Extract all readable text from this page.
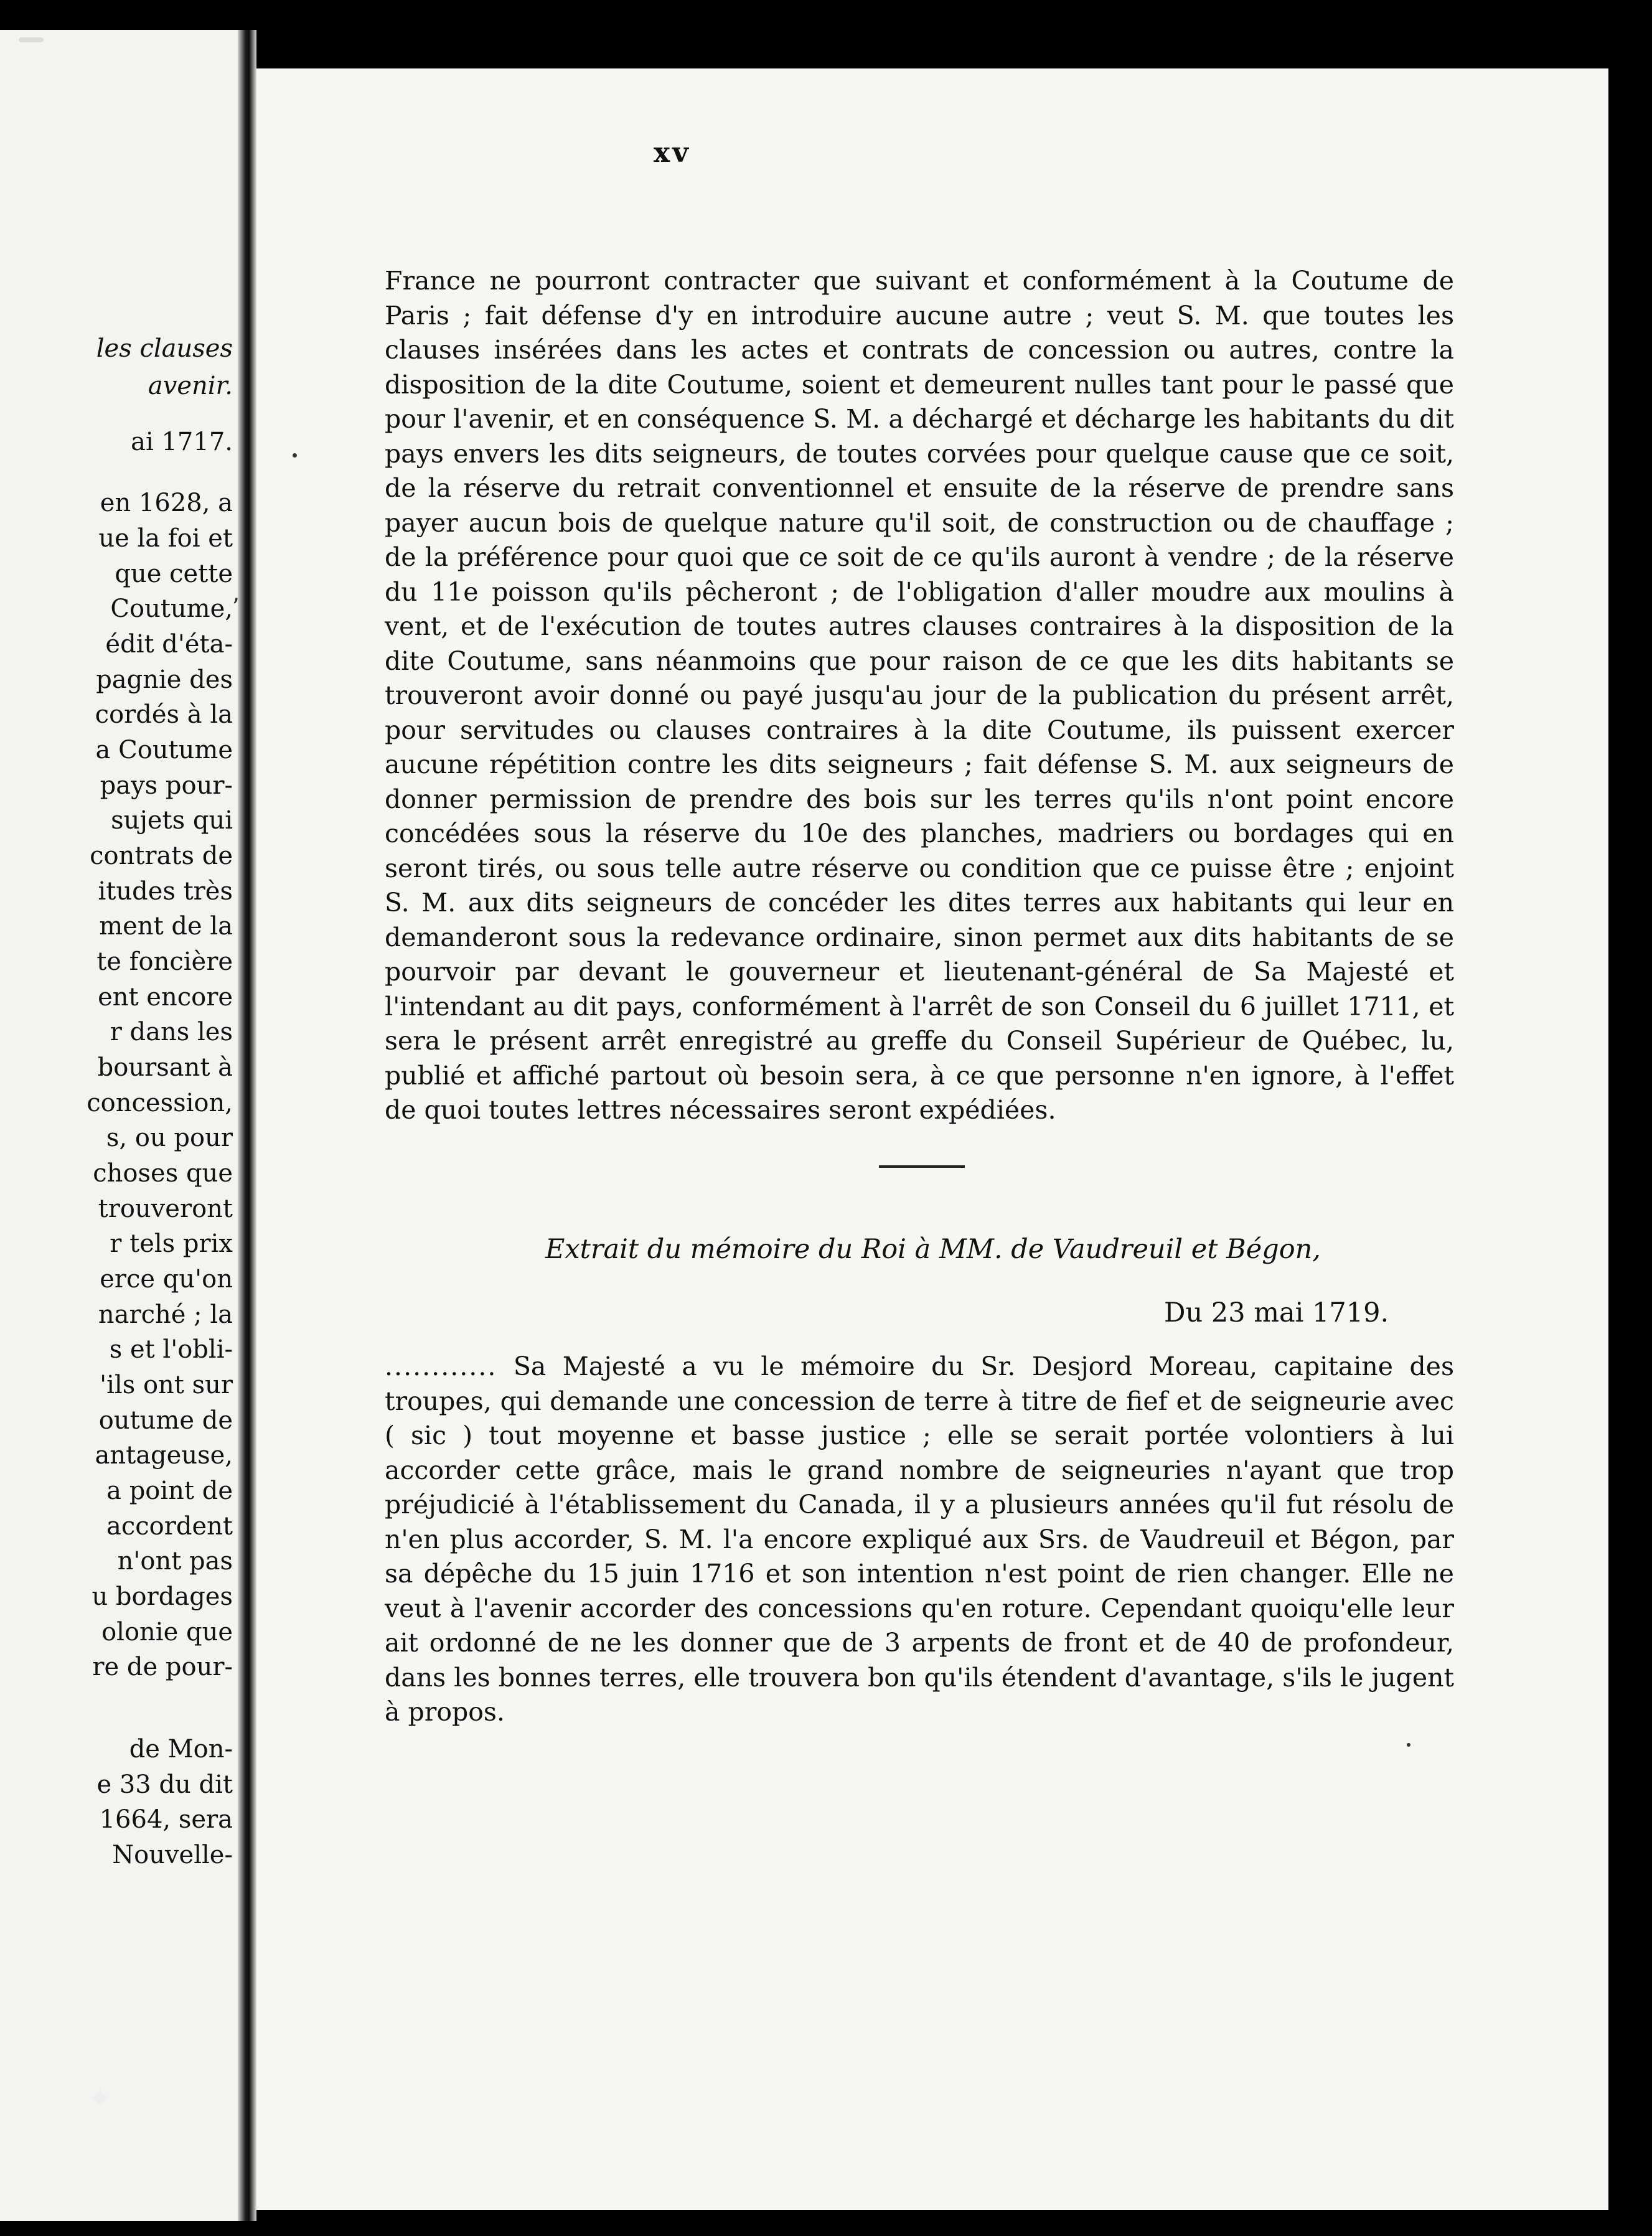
les clauses
avenir.
ai 1717.
en 1628, a
ue la foi et
que cette
Coutume,
édit d'éta-
pagnie des
cordés à la
a Coutume
pays pour-
sujets qui
contrats de
itudes très
ment de la
te foncière
ent encore
r dans les
boursant à
concession,
s, ou pour
choses que
trouveront
r tels prix
erce qu'on
narché ; la
s et l'obli-
'ils ont sur
outume de
antageuse,
a point de
accordent
n'ont pas
u bordages
olonie que
re de pour-
de Mon-
e 33 du dit
1664, sera
Nouvelle-
xv

France ne pourront contracter que suivant et conformément à la Coutume de Paris ; fait défense d'y en introduire aucune autre ; veut S. M. que toutes les clauses insérées dans les actes et contrats de concession ou autres, contre la disposition de la dite Coutume, soient et demeurent nulles tant pour le passé que pour l'avenir, et en conséquence S. M. a déchargé et décharge les habitants du dit pays envers les dits seigneurs, de toutes corvées pour quelque cause que ce soit, de la réserve du retrait conventionnel et ensuite de la réserve de prendre sans payer aucun bois de quelque nature qu'il soit, de construction ou de chauffage ; de la préférence pour quoi que ce soit de ce qu'ils auront à vendre ; de la réserve du 11e poisson qu'ils pêcheront ; de l'obligation d'aller moudre aux moulins à vent, et de l'exécution de toutes autres clauses contraires à la disposition de la dite Coutume, sans néanmoins que pour raison de ce que les dits habitants se trouveront avoir donné ou payé jusqu'au jour de la publication du présent arrêt, pour servitudes ou clauses contraires à la dite Coutume, ils puissent exercer aucune répétition contre les dits seigneurs ; fait défense S. M. aux seigneurs de donner permission de prendre des bois sur les terres qu'ils n'ont point encore concédées sous la réserve du 10e des planches, madriers ou bordages qui en seront tirés, ou sous telle autre réserve ou condition que ce puisse être ; enjoint S. M. aux dits seigneurs de concéder les dites terres aux habitants qui leur en demanderont sous la redevance ordinaire, sinon permet aux dits habitants de se pourvoir par devant le gouverneur et lieutenant-général de Sa Majesté et l'intendant au dit pays, conformément à l'arrêt de son Conseil du 6 juillet 1711, et sera le présent arrêt enregistré au greffe du Conseil Supérieur de Québec, lu, publié et affiché partout où besoin sera, à ce que personne n'en ignore, à l'effet de quoi toutes lettres nécessaires seront expédiées.

Extrait du mémoire du Roi à MM. de Vaudreuil et Bégon,
Du 23 mai 1719.
............ Sa Majesté a vu le mémoire du Sr. Desjord Moreau, capitaine des troupes, qui demande une concession de terre à titre de fief et de seigneurie avec ( sic ) tout moyenne et basse justice ; elle se serait portée volontiers à lui accorder cette grâce, mais le grand nombre de seigneuries n'ayant que trop préjudicié à l'établissement du Canada, il y a plusieurs années qu'il fut résolu de n'en plus accorder, S. M. l'a encore expliqué aux Srs. de Vaudreuil et Bégon, par sa dépêche du 15 juin 1716 et son intention n'est point de rien changer. Elle ne veut à l'avenir accorder des concessions qu'en roture. Cependant quoiqu'elle leur ait ordonné de ne les donner que de 3 arpents de front et de 40 de profondeur, dans les bonnes terres, elle trouvera bon qu'ils étendent d'avantage, s'ils le jugent à propos.
’
✦
